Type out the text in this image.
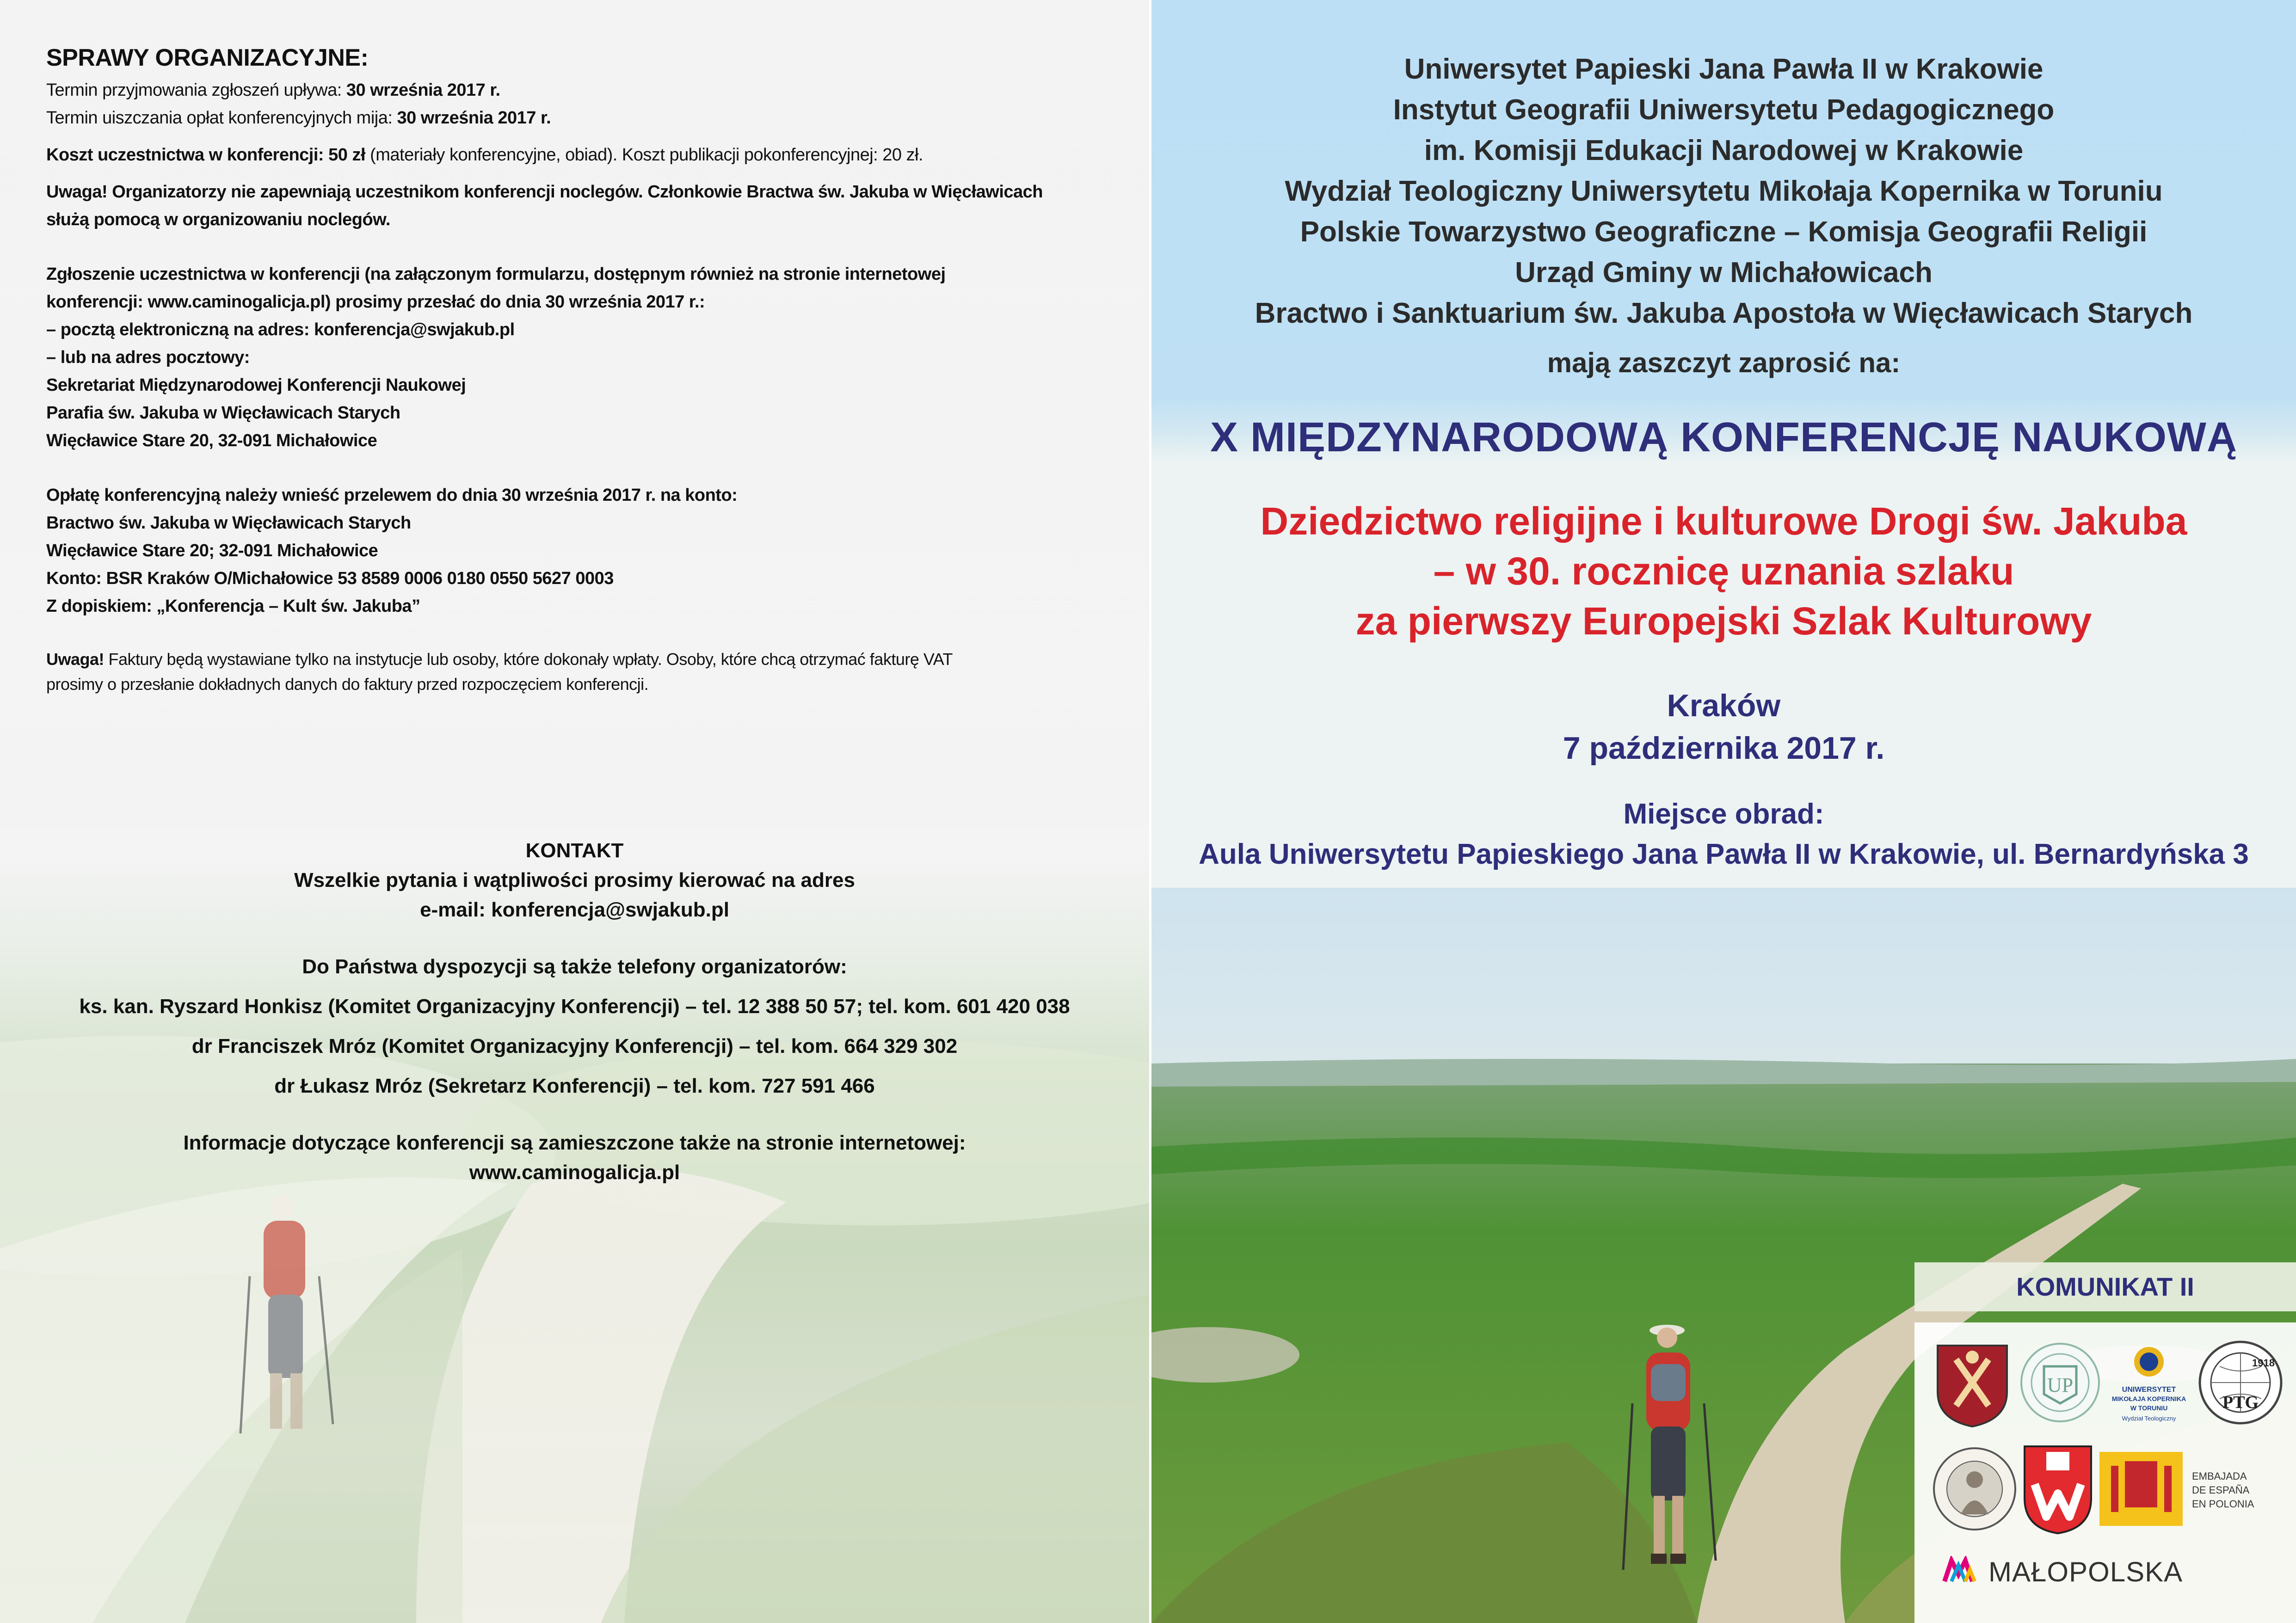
SPRAWY ORGANIZACYJNE:

Termin przyjmowania zgłoszeń upływa: 30 września 2017 r.

Termin uiszczania opłat konferencyjnych mija: 30 września 2017 r.

Koszt uczestnictwa w konferencji: 50 zł (materiały konferencyjne, obiad). Koszt publikacji pokonferencyjnej: 20 zł.

Uwaga! Organizatorzy nie zapewniają uczestnikom konferencji noclegów. Członkowie Bractwa św. Jakuba w Więcławicach

służą pomocą w organizowaniu noclegów.

Zgłoszenie uczestnictwa w konferencji (na załączonym formularzu, dostępnym również na stronie internetowej

konferencji: www.caminogalicja.pl) prosimy przesłać do dnia 30 września 2017 r.:

– pocztą elektroniczną na adres: konferencja@swjakub.pl

– lub na adres pocztowy:

Sekretariat Międzynarodowej Konferencji Naukowej

Parafia św. Jakuba w Więcławicach Starych

Więcławice Stare 20, 32-091 Michałowice

Opłatę konferencyjną należy wnieść przelewem do dnia 30 września 2017 r. na konto:

Bractwo św. Jakuba w Więcławicach Starych

Więcławice Stare 20; 32-091 Michałowice

Konto: BSR Kraków O/Michałowice 53 8589 0006 0180 0550 5627 0003

Z dopiskiem: „Konferencja – Kult św. Jakuba”

Uwaga! Faktury będą wystawiane tylko na instytucje lub osoby, które dokonały wpłaty. Osoby, które chcą otrzymać fakturę VAT

prosimy o przesłanie dokładnych danych do faktury przed rozpoczęciem konferencji.

KONTAKT

Wszelkie pytania i wątpliwości prosimy kierować na adres

e-mail: konferencja@swjakub.pl

Do Państwa dyspozycji są także telefony organizatorów:

ks. kan. Ryszard Honkisz (Komitet Organizacyjny Konferencji) – tel. 12 388 50 57; tel. kom. 601 420 038

dr Franciszek Mróz (Komitet Organizacyjny Konferencji) – tel. kom. 664 329 302

dr Łukasz Mróz (Sekretarz Konferencji) – tel. kom. 727 591 466

Informacje dotyczące konferencji są zamieszczone także na stronie internetowej:

www.caminogalicja.pl

Uniwersytet Papieski Jana Pawła II w Krakowie

Instytut Geografii Uniwersytetu Pedagogicznego

im. Komisji Edukacji Narodowej w Krakowie

Wydział Teologiczny Uniwersytetu Mikołaja Kopernika w Toruniu

Polskie Towarzystwo Geograficzne – Komisja Geografii Religii

Urząd Gminy w Michałowicach

Bractwo i Sanktuarium św. Jakuba Apostoła w Więcławicach Starych

mają zaszczyt zaprosić na:

X MIĘDZYNARODOWĄ KONFERENCJĘ NAUKOWĄ

Dziedzictwo religijne i kulturowe Drogi św. Jakuba

– w 30. rocznicę uznania szlaku

za pierwszy Europejski Szlak Kulturowy

Kraków

7 października 2017 r.

Miejsce obrad:

Aula Uniwersytetu Papieskiego Jana Pawła II w Krakowie, ul. Bernardyńska 3

KOMUNIKAT II
UP	UNIWERSYTET
MIKOŁAJA KOPERNIKA
W TORUNIU
Wydział Teologiczny
1918
PTG
EMBAJADA
DE ESPAÑA
EN POLONIA
MAŁOPOLSKA
